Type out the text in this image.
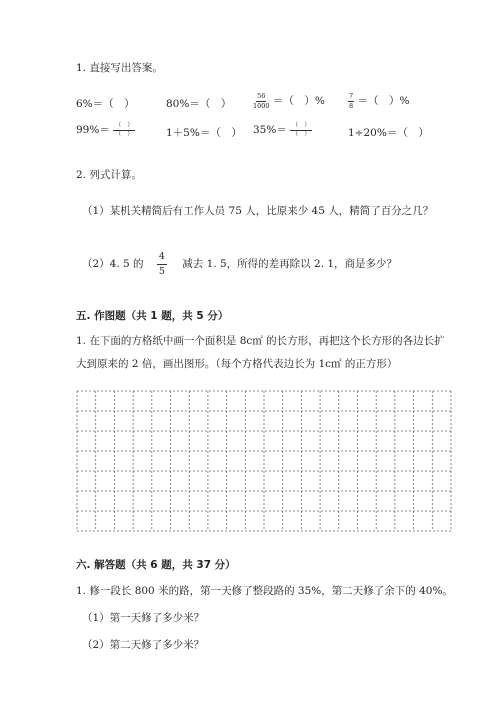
1. 直接写出答案。
6%＝（　）	80%＝（　）	$\frac{56}{1000}$ ＝（　）%	$\frac{7}{8}$ ＝（　）%
$99\%= \frac{( )}{( )}$	1＋5%＝（　） $35\%= \frac{( )}{( )}$	1÷20%＝（　）
2. 列式计算。
（1）某机关精简后有工作人员 75 人，比原来少 45 人，精简了百分之几？
（2）4. 5 的 $\frac{4}{5}$ 减去 1. 5，所得的差再除以 2. 1，商是多少？
五. 作图题（共 1 题，共 5 分）
1. 在下面的方格纸中画一个面积是 8c㎡ 的长方形，再把这个长方形的各边长扩
大到原来的 2 倍，画出图形。（每个方格代表边长为 1c㎡ 的正方形）
六. 解答题（共 6 题，共 37 分）
1. 修一段长 800 米的路，第一天修了整段路的 35%，第二天修了余下的 40%。
（1）第一天修了多少米？
（2）第二天修了多少米？
